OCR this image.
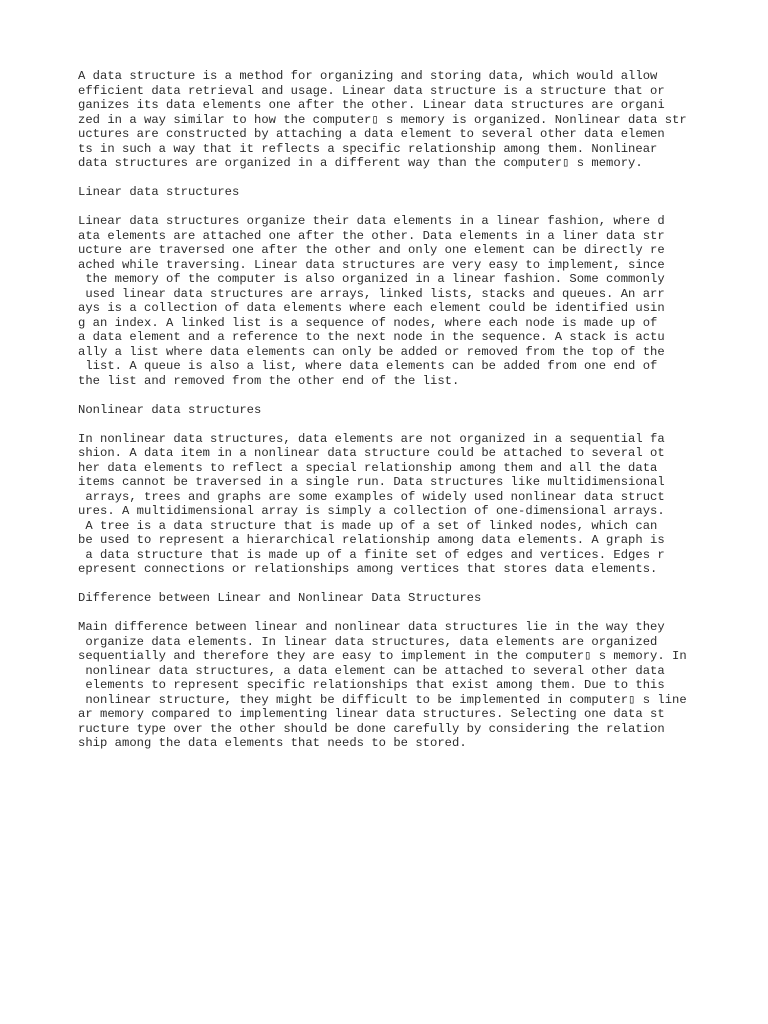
A data structure is a method for organizing and storing data, which would allow
efficient data retrieval and usage. Linear data structure is a structure that or
ganizes its data elements one after the other. Linear data structures are organi
zed in a way similar to how the computer▯ s memory is organized. Nonlinear data str
uctures are constructed by attaching a data element to several other data elemen
ts in such a way that it reflects a specific relationship among them. Nonlinear
data structures are organized in a different way than the computer▯ s memory.
Linear data structures
Linear data structures organize their data elements in a linear fashion, where d
ata elements are attached one after the other. Data elements in a liner data str
ucture are traversed one after the other and only one element can be directly re
ached while traversing. Linear data structures are very easy to implement, since
the memory of the computer is also organized in a linear fashion. Some commonly
used linear data structures are arrays, linked lists, stacks and queues. An arr
ays is a collection of data elements where each element could be identified usin
g an index. A linked list is a sequence of nodes, where each node is made up of
a data element and a reference to the next node in the sequence. A stack is actu
ally a list where data elements can only be added or removed from the top of the
list. A queue is also a list, where data elements can be added from one end of
the list and removed from the other end of the list.
Nonlinear data structures
In nonlinear data structures, data elements are not organized in a sequential fa
shion. A data item in a nonlinear data structure could be attached to several ot
her data elements to reflect a special relationship among them and all the data
items cannot be traversed in a single run. Data structures like multidimensional
arrays, trees and graphs are some examples of widely used nonlinear data struct
ures. A multidimensional array is simply a collection of one-dimensional arrays.
A tree is a data structure that is made up of a set of linked nodes, which can
be used to represent a hierarchical relationship among data elements. A graph is
a data structure that is made up of a finite set of edges and vertices. Edges r
epresent connections or relationships among vertices that stores data elements.
Difference between Linear and Nonlinear Data Structures
Main difference between linear and nonlinear data structures lie in the way they
organize data elements. In linear data structures, data elements are organized
sequentially and therefore they are easy to implement in the computer▯ s memory. In
nonlinear data structures, a data element can be attached to several other data
elements to represent specific relationships that exist among them. Due to this
nonlinear structure, they might be difficult to be implemented in computer▯ s line
ar memory compared to implementing linear data structures. Selecting one data st
ructure type over the other should be done carefully by considering the relation
ship among the data elements that needs to be stored.
